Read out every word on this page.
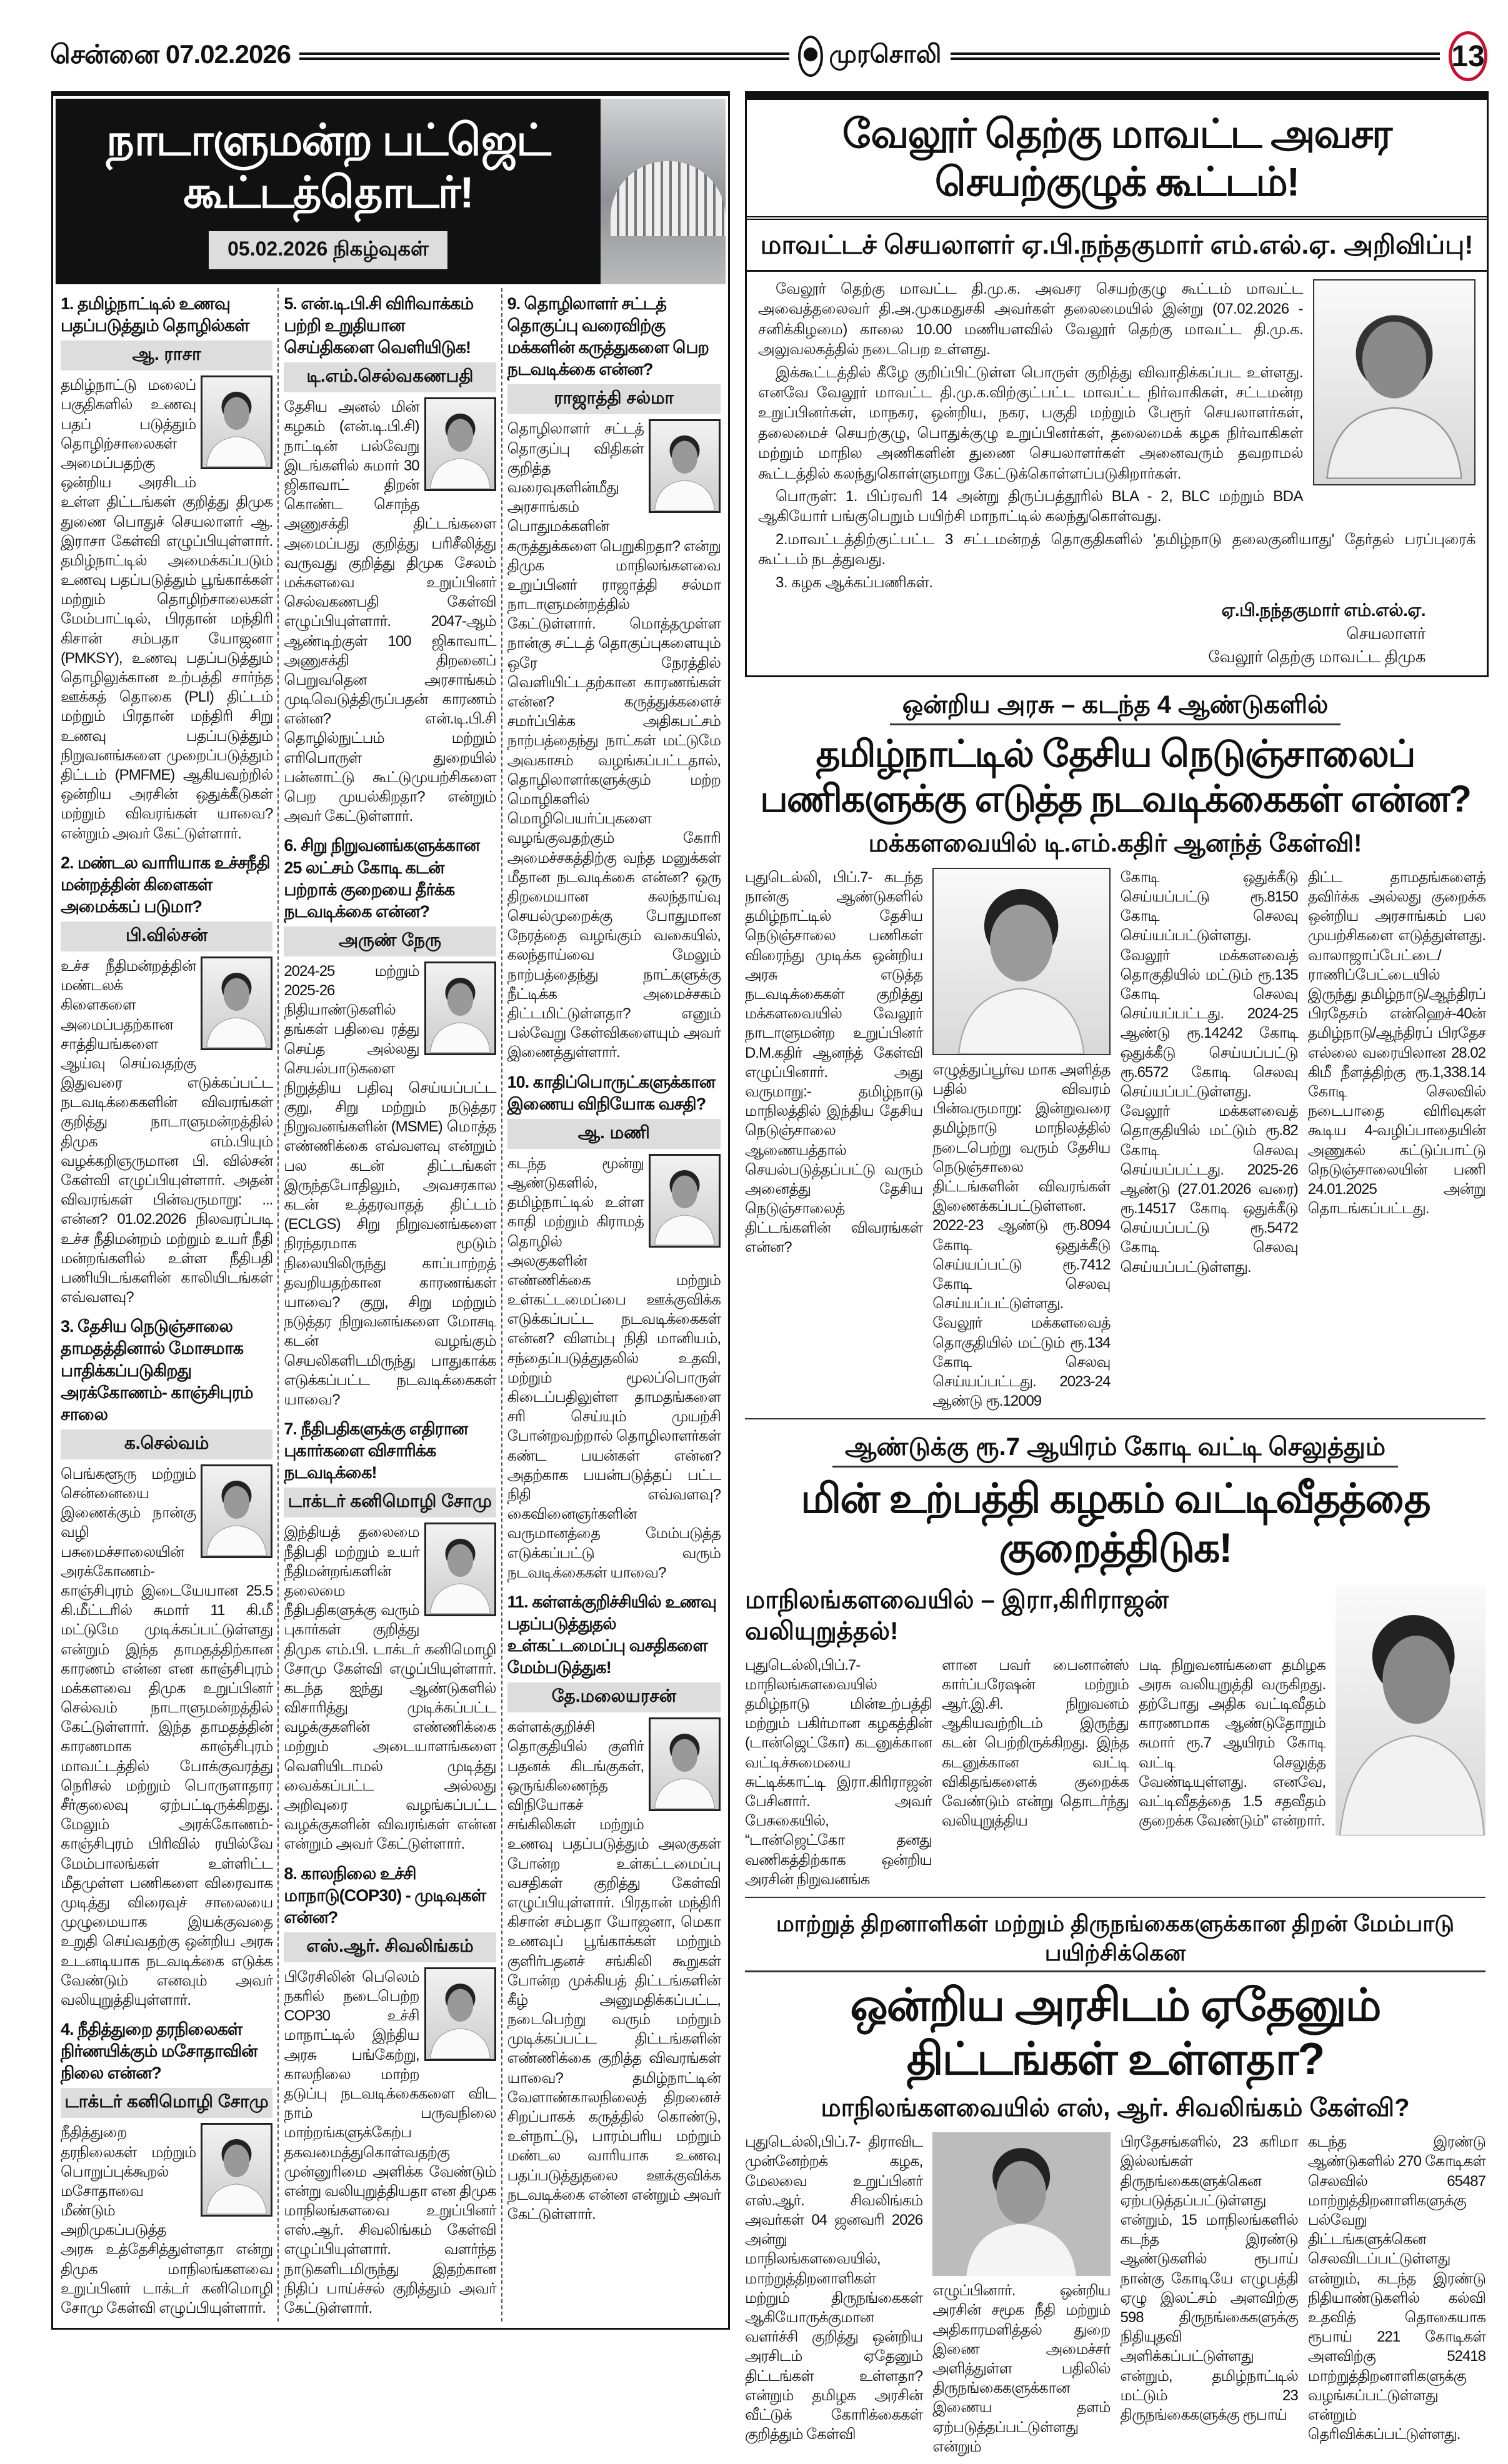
சென்னை 07.02.2026	முரசொலி	13
நாடாளுமன்ற பட்ஜெட் கூட்டத்தொடர்!
05.02.2026 நிகழ்வுகள்
1. தமிழ்நாட்டில் உணவு பதப்படுத்தும் தொழில்கள்
ஆ. ராசா

தமிழ்நாட்டு மலைப் பகுதிகளில் உணவு பதப் படுத்தும் தொழிற்சாலைகள் அமைப்பதற்கு ஒன்றிய அரசிடம் உள்ள திட்டங்கள் குறித்து திமுக துணை பொதுச் செயலாளர் ஆ. இராசா கேள்வி எழுப்பியுள்ளார். தமிழ்நாட்டில் அமைக்கப்படும் உணவு பதப்படுத்தும் பூங்காக்கள் மற்றும் தொழிற்சாலைகள் மேம்பாட்டில், பிரதான் மந்திரி கிசான் சம்பதா யோஜனா (PMKSY), உணவு பதப்படுத்தும் தொழிலுக்கான உற்பத்தி சார்ந்த ஊக்கத் தொகை (PLI) திட்டம் மற்றும் பிரதான் மந்திரி சிறு உணவு பதப்படுத்தும் நிறுவனங்களை முறைப்படுத்தும் திட்டம் (PMFME) ஆகியவற்றில் ஒன்றிய அரசின் ஒதுக்கீடுகள் மற்றும் விவரங்கள் யாவை? என்றும் அவர் கேட்டுள்ளார்.

2. மண்டல வாரியாக உச்சநீதி மன்றத்தின் கிளைகள் அமைக்கப் படுமா?
பி.வில்சன்

உச்ச நீதிமன்றத்தின் மண்டலக் கிளைகளை அமைப்பதற்கான சாத்தியங்களை ஆய்வு செய்வதற்கு இதுவரை எடுக்கப்பட்ட நடவடிக்கைகளின் விவரங்கள் குறித்து நாடாளுமன்றத்தில் திமுக எம்.பியும் வழக்கறிஞருமான பி. வில்சன் கேள்வி எழுப்பியுள்ளார். அதன் விவரங்கள் பின்வருமாறு: ... என்ன? 01.02.2026 நிலவரப்படி உச்ச நீதிமன்றம் மற்றும் உயர் நீதி மன்றங்களில் உள்ள நீதிபதி பணியிடங்களின் காலியிடங்கள் எவ்வளவு?

3. தேசிய நெடுஞ்சாலை தாமதத்தினால் மோசமாக பாதிக்கப்படுகிறது அரக்கோணம்- காஞ்சிபுரம் சாலை
க.செல்வம்

பெங்களூரு மற்றும் சென்னையை இணைக்கும் நான்கு வழி பசுமைச்சாலையின் அரக்கோணம்-காஞ்சிபுரம் இடையேயான 25.5 கி.மீட்டரில் சுமார் 11 கி.மீ மட்டுமே முடிக்கப்பட்டுள்ளது என்றும் இந்த தாமதத்திற்கான காரணம் என்ன என காஞ்சிபுரம் மக்களவை திமுக உறுப்பினர் செல்வம் நாடாளுமன்றத்தில் கேட்டுள்ளார். இந்த தாமதத்தின் காரணமாக காஞ்சிபுரம் மாவட்டத்தில் போக்குவரத்து நெரிசல் மற்றும் பொருளாதார சீர்குலைவு ஏற்பட்டிருக்கிறது. மேலும் அரக்கோணம்-காஞ்சிபுரம் பிரிவில் ரயில்வே மேம்பாலங்கள் உள்ளிட்ட மீதமுள்ள பணிகளை விரைவாக முடித்து விரைவுச் சாலையை முழுமையாக இயக்குவதை உறுதி செய்வதற்கு ஒன்றிய அரசு உடனடியாக நடவடிக்கை எடுக்க வேண்டும் எனவும் அவர் வலியுறுத்தியுள்ளார்.

4. நீதித்துறை தரநிலைகள் நிர்ணயிக்கும் மசோதாவின் நிலை என்ன?
டாக்டர் கனிமொழி சோமு

நீதித்துறை தரநிலைகள் மற்றும் பொறுப்புக்கூறல் மசோதாவை மீண்டும் அறிமுகப்படுத்த அரசு உத்தேசித்துள்ளதா என்று திமுக மாநிலங்களவை உறுப்பினர் டாக்டர் கனிமொழி சோமு கேள்வி எழுப்பியுள்ளார்.

5. என்.டி.பி.சி விரிவாக்கம் பற்றி உறுதியான செய்திகளை வெளியிடுக!
டி.எம்.செல்வகணபதி

தேசிய அனல் மின் கழகம் (என்.டி.பி.சி) நாட்டின் பல்வேறு இடங்களில் சுமார் 30 ஜிகாவாட் திறன் கொண்ட சொந்த அணுசக்தி திட்டங்களை அமைப்பது குறித்து பரிசீலித்து வருவது குறித்து திமுக சேலம் மக்களவை உறுப்பினர் செல்வகணபதி கேள்வி எழுப்பியுள்ளார். 2047-ஆம் ஆண்டிற்குள் 100 ஜிகாவாட் அணுசக்தி திறனைப் பெறுவதென அரசாங்கம் முடிவெடுத்திருப்பதன் காரணம் என்ன? என்.டி.பி.சி தொழில்நுட்பம் மற்றும் எரிபொருள் துறையில் பன்னாட்டு கூட்டுமுயற்சிகளை பெற முயல்கிறதா? என்றும் அவர் கேட்டுள்ளார்.

6. சிறு நிறுவனங்களுக்கான 25 லட்சம் கோடி கடன் பற்றாக் குறையை தீர்க்க நடவடிக்கை என்ன?
அருண் நேரு

2024-25 மற்றும் 2025-26 நிதியாண்டுகளில் தங்கள் பதிவை ரத்து செய்த அல்லது செயல்பாடுகளை நிறுத்திய பதிவு செய்யப்பட்ட குறு, சிறு மற்றும் நடுத்தர நிறுவனங்களின் (MSME) மொத்த எண்ணிக்கை எவ்வளவு என்றும் பல கடன் திட்டங்கள் இருந்தபோதிலும், அவசரகால கடன் உத்தரவாதத் திட்டம் (ECLGS) சிறு நிறுவனங்களை நிரந்தரமாக மூடும் நிலையிலிருந்து காப்பாற்றத் தவறியதற்கான காரணங்கள் யாவை? குறு, சிறு மற்றும் நடுத்தர நிறுவனங்களை மோசடி கடன் வழங்கும் செயலிகளிடமிருந்து பாதுகாக்க எடுக்கப்பட்ட நடவடிக்கைகள் யாவை?

7. நீதிபதிகளுக்கு எதிரான புகார்களை விசாரிக்க நடவடிக்கை!
டாக்டர் கனிமொழி சோமு

இந்தியத் தலைமை நீதிபதி மற்றும் உயர் நீதிமன்றங்களின் தலைமை நீதிபதிகளுக்கு வரும் புகார்கள் குறித்து திமுக எம்.பி. டாக்டர் கனிமொழி சோமு கேள்வி எழுப்பியுள்ளார். கடந்த ஐந்து ஆண்டுகளில் விசாரித்து முடிக்கப்பட்ட வழக்குகளின் எண்ணிக்கை மற்றும் அடையாளங்களை வெளியிடாமல் முடித்து வைக்கப்பட்ட அல்லது அறிவுரை வழங்கப்பட்ட வழக்குகளின் விவரங்கள் என்ன என்றும் அவர் கேட்டுள்ளார்.

8. காலநிலை உச்சி மாநாடு(COP30) - முடிவுகள் என்ன?
எஸ்.ஆர். சிவலிங்கம்

பிரேசிலின் பெலெம் நகரில் நடைபெற்ற COP30 உச்சி மாநாட்டில் இந்திய அரசு பங்கேற்று, காலநிலை மாற்ற தடுப்பு நடவடிக்கைகளை விட நாம் பருவநிலை மாற்றங்களுக்கேற்ப தகவமைத்துகொள்வதற்கு முன்னுரிமை அளிக்க வேண்டும் என்று வலியுறுத்தியதா என திமுக மாநிலங்களவை உறுப்பினர் எஸ்.ஆர். சிவலிங்கம் கேள்வி எழுப்பியுள்ளார். வளர்ந்த நாடுகளிடமிருந்து இதற்கான நிதிப் பாய்ச்சல் குறித்தும் அவர் கேட்டுள்ளார்.

9. தொழிலாளர் சட்டத் தொகுப்பு வரைவிற்கு மக்களின் கருத்துகளை பெற நடவடிக்கை என்ன?
ராஜாத்தி சல்மா

தொழிலாளர் சட்டத் தொகுப்பு விதிகள் குறித்த வரைவுகளின்மீது அரசாங்கம் பொதுமக்களின் கருத்துக்களை பெறுகிறதா? என்று திமுக மாநிலங்களவை உறுப்பினர் ராஜாத்தி சல்மா நாடாளுமன்றத்தில் கேட்டுள்ளார். மொத்தமுள்ள நான்கு சட்டத் தொகுப்புகளையும் ஒரே நேரத்தில் வெளியிட்டதற்கான காரணங்கள் என்ன? கருத்துக்களைச் சமர்ப்பிக்க அதிகபட்சம் நாற்பத்தைந்து நாட்கள் மட்டுமே அவகாசம் வழங்கப்பட்டதால், தொழிலாளர்களுக்கும் மற்ற மொழிகளில் மொழிபெயர்ப்புகளை வழங்குவதற்கும் கோரி அமைச்சகத்திற்கு வந்த மனுக்கள் மீதான நடவடிக்கை என்ன? ஒரு திறமையான கலந்தாய்வு செயல்முறைக்கு போதுமான நேரத்தை வழங்கும் வகையில், கலந்தாய்வை மேலும் நாற்பத்தைந்து நாட்களுக்கு நீட்டிக்க அமைச்சகம் திட்டமிட்டுள்ளதா? எனும் பல்வேறு கேள்விகளையும் அவர் இணைத்துள்ளார்.

10. காதிப்பொருட்களுக்கான இணைய விநியோக வசதி?
ஆ. மணி

கடந்த மூன்று ஆண்டுகளில், தமிழ்நாட்டில் உள்ள காதி மற்றும் கிராமத் தொழில் அலகுகளின் எண்ணிக்கை மற்றும் உள்கட்டமைப்பை ஊக்குவிக்க எடுக்கப்பட்ட நடவடிக்கைகள் என்ன? விளம்பு நிதி மானியம், சந்தைப்படுத்துதலில் உதவி, மற்றும் மூலப்பொருள் கிடைப்பதிலுள்ள தாமதங்களை சரி செய்யும் முயற்சி போன்றவற்றால் தொழிலாளர்கள் கண்ட பயன்கள் என்ன? அதற்காக பயன்படுத்தப் பட்ட நிதி எவ்வளவு? கைவினைஞர்களின் வருமானத்தை மேம்படுத்த எடுக்கப்பட்டு வரும் நடவடிக்கைகள் யாவை?

11. கள்ளக்குறிச்சியில் உணவு பதப்படுத்துதல் உள்கட்டமைப்பு வசதிகளை மேம்படுத்துக!
தே.மலையரசன்

கள்ளக்குறிச்சி தொகுதியில் குளிர் பதனக் கிடங்குகள், ஒருங்கிணைந்த விநியோகச் சங்கிலிகள் மற்றும் உணவு பதப்படுத்தும் அலகுகள் போன்ற உள்கட்டமைப்பு வசதிகள் குறித்து கேள்வி எழுப்பியுள்ளார். பிரதான் மந்திரி கிசான் சம்பதா யோஜனா, மெகா உணவுப் பூங்காக்கள் மற்றும் குளிர்பதனச் சங்கிலி கூறுகள் போன்ற முக்கியத் திட்டங்களின் கீழ் அனுமதிக்கப்பட்ட, நடைபெற்று வரும் மற்றும் முடிக்கப்பட்ட திட்டங்களின் எண்ணிக்கை குறித்த விவரங்கள் யாவை? தமிழ்நாட்டின் வேளாண்காலநிலைத் திறனைச் சிறப்பாகக் கருத்தில் கொண்டு, உள்நாட்டு, பாரம்பரிய மற்றும் மண்டல வாரியாக உணவு பதப்படுத்துதலை ஊக்குவிக்க நடவடிக்கை என்ன என்றும் அவர் கேட்டுள்ளார்.

வேலூர் தெற்கு மாவட்ட அவசர செயற்குழுக் கூட்டம்!
மாவட்டச் செயலாளர் ஏ.பி.நந்தகுமார் எம்.எல்.ஏ. அறிவிப்பு!

வேலூர் தெற்கு மாவட்ட தி.மு.க. அவசர செயற்குழு கூட்டம் மாவட்ட அவைத்தலைவர் தி.அ.முகமதுசகி அவர்கள் தலைமையில் இன்று (07.02.2026 - சனிக்கிழமை) காலை 10.00 மணியளவில் வேலூர் தெற்கு மாவட்ட தி.மு.க. அலுவலகத்தில் நடைபெற உள்ளது.

இக்கூட்டத்தில் கீழே குறிப்பிட்டுள்ள பொருள் குறித்து விவாதிக்கப்பட உள்ளது. எனவே வேலூர் மாவட்ட தி.மு.க.விற்குட்பட்ட மாவட்ட நிர்வாகிகள், சட்டமன்ற உறுப்பினர்கள், மாநகர, ஒன்றிய, நகர, பகுதி மற்றும் பேரூர் செயலாளர்கள், தலைமைச் செயற்குழு, பொதுக்குழு உறுப்பினர்கள், தலைமைக் கழக நிர்வாகிகள் மற்றும் மாநில அணிகளின் துணை செயலாளர்கள் அனைவரும் தவறாமல் கூட்டத்தில் கலந்துகொள்ளுமாறு கேட்டுக்கொள்ளப்படுகிறார்கள்.

பொருள்: 1. பிப்ரவரி 14 அன்று திருப்பத்தூரில் BLA - 2, BLC மற்றும் BDA ஆகியோர் பங்குபெறும் பயிற்சி மாநாட்டில் கலந்துகொள்வது.

2.மாவட்டத்திற்குட்பட்ட 3 சட்டமன்றத் தொகுதிகளில் 'தமிழ்நாடு தலைகுனியாது' தேர்தல் பரப்புரைக் கூட்டம் நடத்துவது.

3. கழக ஆக்கப்பணிகள்.

ஏ.பி.நந்தகுமார் எம்.எல்.ஏ.
செயலாளர்
வேலூர் தெற்கு மாவட்ட திமுக
ஒன்றிய அரசு – கடந்த 4 ஆண்டுகளில்
தமிழ்நாட்டில் தேசிய நெடுஞ்சாலைப் பணிகளுக்கு எடுத்த நடவடிக்கைகள் என்ன?
மக்களவையில் டி.எம்.கதிர் ஆனந்த் கேள்வி!
புதுடெல்லி, பிப்.7- கடந்த நான்கு ஆண்டுகளில் தமிழ்நாட்டில் தேசிய நெடுஞ்சாலை பணிகள் விரைந்து முடிக்க ஒன்றிய அரசு எடுத்த நடவடிக்கைகள் குறித்து மக்களவையில் வேலூர் நாடாளுமன்ற உறுப்பினர் D.M.கதிர் ஆனந்த் கேள்வி எழுப்பினார். அது வருமாறு:- தமிழ்நாடு மாநிலத்தில் இந்திய தேசிய நெடுஞ்சாலை ஆணையத்தால் செயல்படுத்தப்பட்டு வரும் அனைத்து தேசிய நெடுஞ்சாலைத் திட்டங்களின் விவரங்கள் என்ன?
எழுத்துப்பூர்வ மாக அளித்த பதில் விவரம் பின்வருமாறு: இன்றுவரை தமிழ்நாடு மாநிலத்தில் நடைபெற்று வரும் தேசிய நெடுஞ்சாலை திட்டங்களின் விவரங்கள் இணைக்கப்பட்டுள்ளன. 2022-23 ஆண்டு ரூ.8094 கோடி ஒதுக்கீடு செய்யப்பட்டு ரூ.7412 கோடி செலவு செய்யப்பட்டுள்ளது. வேலூர் மக்களவைத் தொகுதியில் மட்டும் ரூ.134 கோடி செலவு செய்யப்பட்டது. 2023-24 ஆண்டு ரூ.12009
கோடி ஒதுக்கீடு செய்யப்பட்டு ரூ.8150 கோடி செலவு செய்யப்பட்டுள்ளது. வேலூர் மக்களவைத் தொகுதியில் மட்டும் ரூ.135 கோடி செலவு செய்யப்பட்டது. 2024-25 ஆண்டு ரூ.14242 கோடி ஒதுக்கீடு செய்யப்பட்டு ரூ.6572 கோடி செலவு செய்யப்பட்டுள்ளது. வேலூர் மக்களவைத் தொகுதியில் மட்டும் ரூ.82 கோடி செலவு செய்யப்பட்டது. 2025-26 ஆண்டு (27.01.2026 வரை) ரூ.14517 கோடி ஒதுக்கீடு செய்யப்பட்டு ரூ.5472 கோடி செலவு செய்யப்பட்டுள்ளது.
திட்ட தாமதங்களைத் தவிர்க்க அல்லது குறைக்க ஒன்றிய அரசாங்கம் பல முயற்சிகளை எடுத்துள்ளது. வாலாஜாப்பேட்டை/ ராணிப்பேட்டையில் இருந்து தமிழ்நாடு/ஆந்திரப் பிரதேசம் என்ஹெச்-40ன் தமிழ்நாடு/ஆந்திரப் பிரதேச எல்லை வரையிலான 28.02 கிமீ நீளத்திற்கு ரூ.1,338.14 கோடி செலவில் நடைபாதை விரிவுகள் கூடிய 4-வழிப்பாதையின் அணுகல் கட்டுப்பாட்டு நெடுஞ்சாலையின் பணி 24.01.2025 அன்று தொடங்கப்பட்டது.
ஆண்டுக்கு ரூ.7 ஆயிரம் கோடி வட்டி செலுத்தும்
மின் உற்பத்தி கழகம் வட்டிவீதத்தை குறைத்திடுக!
மாநிலங்களவையில் – இரா,கிரிராஜன் வலியுறுத்தல்!
புதுடெல்லி,பிப்.7- மாநிலங்களவையில் தமிழ்நாடு மின்உற்பத்தி மற்றும் பகிர்மான கழகத்தின் (டான்ஜெட்கோ) கடனுக்கான வட்டிச்சுமையை சுட்டிக்காட்டி இரா.கிரிராஜன் பேசினார். அவர் பேசுகையில், “டான்ஜெட்கோ தனது வணிகத்திற்காக ஒன்றிய அரசின் நிறுவனங்க
ளான பவர் பைனான்ஸ் கார்ப்பரேஷன் மற்றும் ஆர்.இ.சி. நிறுவனம் ஆகியவற்றிடம் இருந்து கடன் பெற்றிருக்கிறது. இந்த கடனுக்கான வட்டி விகிதங்களைக் குறைக்க வேண்டும் என்று தொடர்ந்து வலியுறுத்திய
படி நிறுவனங்களை தமிழக அரசு வலியுறுத்தி வருகிறது. தற்போது அதிக வட்டிவீதம் காரணமாக ஆண்டுதோறும் சுமார் ரூ.7 ஆயிரம் கோடி வட்டி செலுத்த வேண்டியுள்ளது. எனவே, வட்டிவீதத்தை 1.5 சதவீதம் குறைக்க வேண்டும்” என்றார்.
மாற்றுத் திறனாளிகள் மற்றும் திருநங்கைகளுக்கான திறன் மேம்பாடு பயிற்சிக்கென
ஒன்றிய அரசிடம் ஏதேனும் திட்டங்கள் உள்ளதா?
மாநிலங்களவையில் எஸ், ஆர். சிவலிங்கம் கேள்வி?
புதுடெல்லி,பிப்.7- திராவிட முன்னேற்றக் கழக, மேலவை உறுப்பினர் எஸ்.ஆர். சிவலிங்கம் அவர்கள் 04 ஜனவரி 2026 அன்று மாநிலங்களவையில், மாற்றுத்திறனாளிகள் மற்றும் திருநங்கைகள் ஆகியோருக்குமான வளர்ச்சி குறித்து ஒன்றிய அரசிடம் ஏதேனும் திட்டங்கள் உள்ளதா? என்றும் தமிழக அரசின் வீட்டுக் கோரிக்கைகள் குறித்தும் கேள்வி
எழுப்பினார். ஒன்றிய அரசின் சமூக நீதி மற்றும் அதிகாரமளித்தல் துறை இணை அமைச்சர் அளித்துள்ள பதிலில் திருநங்கைகளுக்கான இணைய தளம் ஏற்படுத்தப்பட்டுள்ளது என்றும்
பிரதேசங்களில், 23 கரிமா இல்லங்கள் திருநங்கைகளுக்கென ஏற்படுத்தப்பட்டுள்ளது என்றும், 15 மாநிலங்களில் கடந்த இரண்டு ஆண்டுகளில் ரூபாய் நான்கு கோடியே எழுபத்தி ஏழு இலட்சம் அளவிற்கு 598 திருநங்கைகளுக்கு நிதியுதவி அளிக்கப்பட்டுள்ளது என்றும், தமிழ்நாட்டில் மட்டும் 23 திருநங்கைகளுக்கு ரூபாய்
கடந்த இரண்டு ஆண்டுகளில் 270 கோடிகள் செலவில் 65487 மாற்றுத்திறனாளிகளுக்கு பல்வேறு திட்டங்களுக்கென செலவிடப்பட்டுள்ளது என்றும், கடந்த இரண்டு நிதியாண்டுகளில் கல்வி உதவித் தொகையாக ரூபாய் 221 கோடிகள் அளவிற்கு 52418 மாற்றுத்திறனாளிகளுக்கு வழங்கப்பட்டுள்ளது என்றும் தெரிவிக்கப்பட்டுள்ளது.
